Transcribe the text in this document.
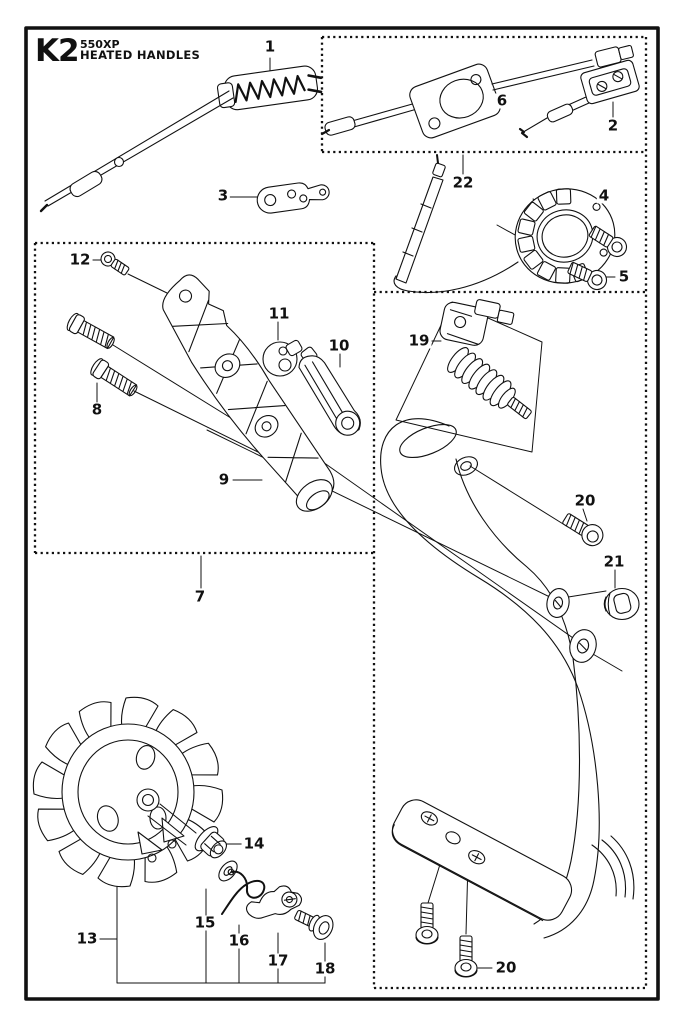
K2 550XP
HEATED HANDLES	1
22
6
2
3	4
5
12
8
11
10
9
7
19
20
21
13
14
15
16
17 18	20
